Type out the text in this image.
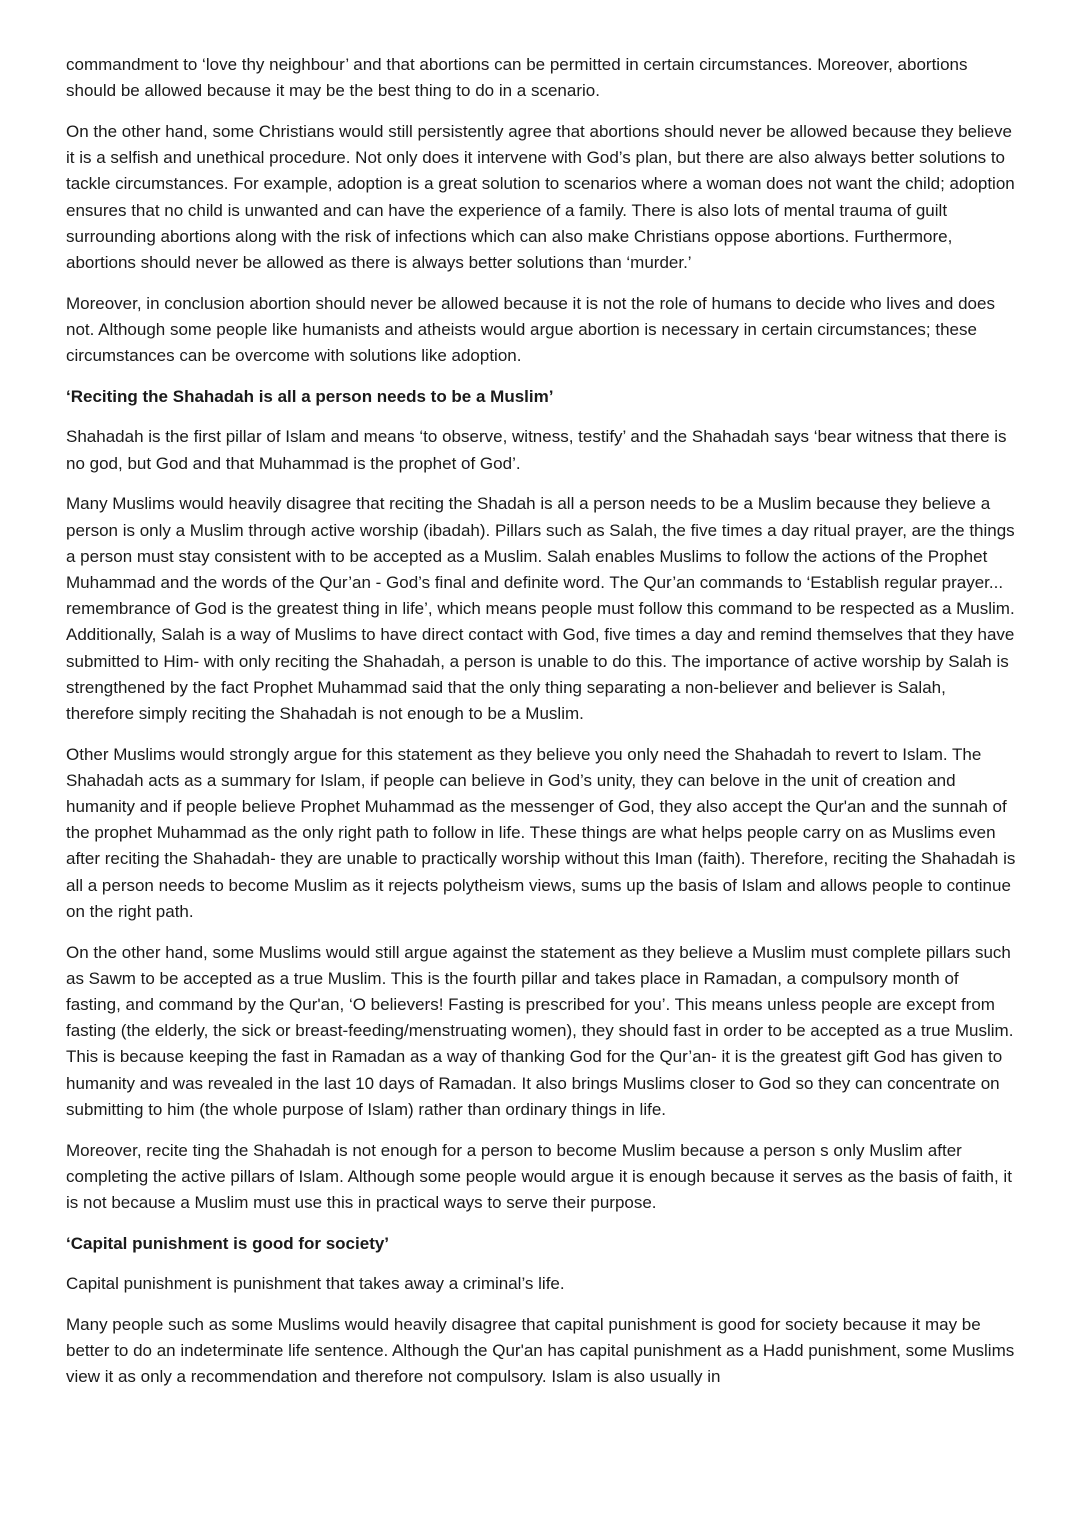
commandment to ‘love thy neighbour’ and that abortions can be permitted in certain circumstances. Moreover, abortions should be allowed because it may be the best thing to do in a scenario.

On the other hand, some Christians would still persistently agree that abortions should never be allowed because they believe it is a selfish and unethical procedure. Not only does it intervene with God’s plan, but there are also always better solutions to tackle circumstances. For example, adoption is a great solution to scenarios where a woman does not want the child; adoption ensures that no child is unwanted and can have the experience of a family. There is also lots of mental trauma of guilt surrounding abortions along with the risk of infections which can also make Christians oppose abortions. Furthermore, abortions should never be allowed as there is always better solutions than ‘murder.’

Moreover, in conclusion abortion should never be allowed because it is not the role of humans to decide who lives and does not. Although some people like humanists and atheists would argue abortion is necessary in certain circumstances; these circumstances can be overcome with solutions like adoption.

‘Reciting the Shahadah is all a person needs to be a Muslim’

Shahadah is the first pillar of Islam and means ‘to observe, witness, testify’ and the Shahadah says ‘bear witness that there is no god, but God and that Muhammad is the prophet of God’.

Many Muslims would heavily disagree that reciting the Shadah is all a person needs to be a Muslim because they believe a person is only a Muslim through active worship (ibadah). Pillars such as Salah, the five times a day ritual prayer, are the things a person must stay consistent with to be accepted as a Muslim. Salah enables Muslims to follow the actions of the Prophet Muhammad and the words of the Qur’an - God’s final and definite word. The Qur’an commands to ‘Establish regular prayer... remembrance of God is the greatest thing in life’, which means people must follow this command to be respected as a Muslim. Additionally, Salah is a way of Muslims to have direct contact with God, five times a day and remind themselves that they have submitted to Him- with only reciting the Shahadah, a person is unable to do this. The importance of active worship by Salah is strengthened by the fact Prophet Muhammad said that the only thing separating a non-believer and believer is Salah, therefore simply reciting the Shahadah is not enough to be a Muslim.

Other Muslims would strongly argue for this statement as they believe you only need the Shahadah to revert to Islam. The Shahadah acts as a summary for Islam, if people can believe in God’s unity, they can belove in the unit of creation and humanity and if people believe Prophet Muhammad as the messenger of God, they also accept the Qur'an and the sunnah of the prophet Muhammad as the only right path to follow in life. These things are what helps people carry on as Muslims even after reciting the Shahadah- they are unable to practically worship without this Iman (faith). Therefore, reciting the Shahadah is all a person needs to become Muslim as it rejects polytheism views, sums up the basis of Islam and allows people to continue on the right path.

On the other hand, some Muslims would still argue against the statement as they believe a Muslim must complete pillars such as Sawm to be accepted as a true Muslim. This is the fourth pillar and takes place in Ramadan, a compulsory month of fasting, and command by the Qur'an, ‘O believers! Fasting is prescribed for you’. This means unless people are except from fasting (the elderly, the sick or breast-feeding/menstruating women), they should fast in order to be accepted as a true Muslim. This is because keeping the fast in Ramadan as a way of thanking God for the Qur’an- it is the greatest gift God has given to humanity and was revealed in the last 10 days of Ramadan. It also brings Muslims closer to God so they can concentrate on submitting to him (the whole purpose of Islam) rather than ordinary things in life.

Moreover, recite ting the Shahadah is not enough for a person to become Muslim because a person s only Muslim after completing the active pillars of Islam. Although some people would argue it is enough because it serves as the basis of faith, it is not because a Muslim must use this in practical ways to serve their purpose.

‘Capital punishment is good for society’

Capital punishment is punishment that takes away a criminal’s life.

Many people such as some Muslims would heavily disagree that capital punishment is good for society because it may be better to do an indeterminate life sentence. Although the Qur'an has capital punishment as a Hadd punishment, some Muslims view it as only a recommendation and therefore not compulsory. Islam is also usually in
